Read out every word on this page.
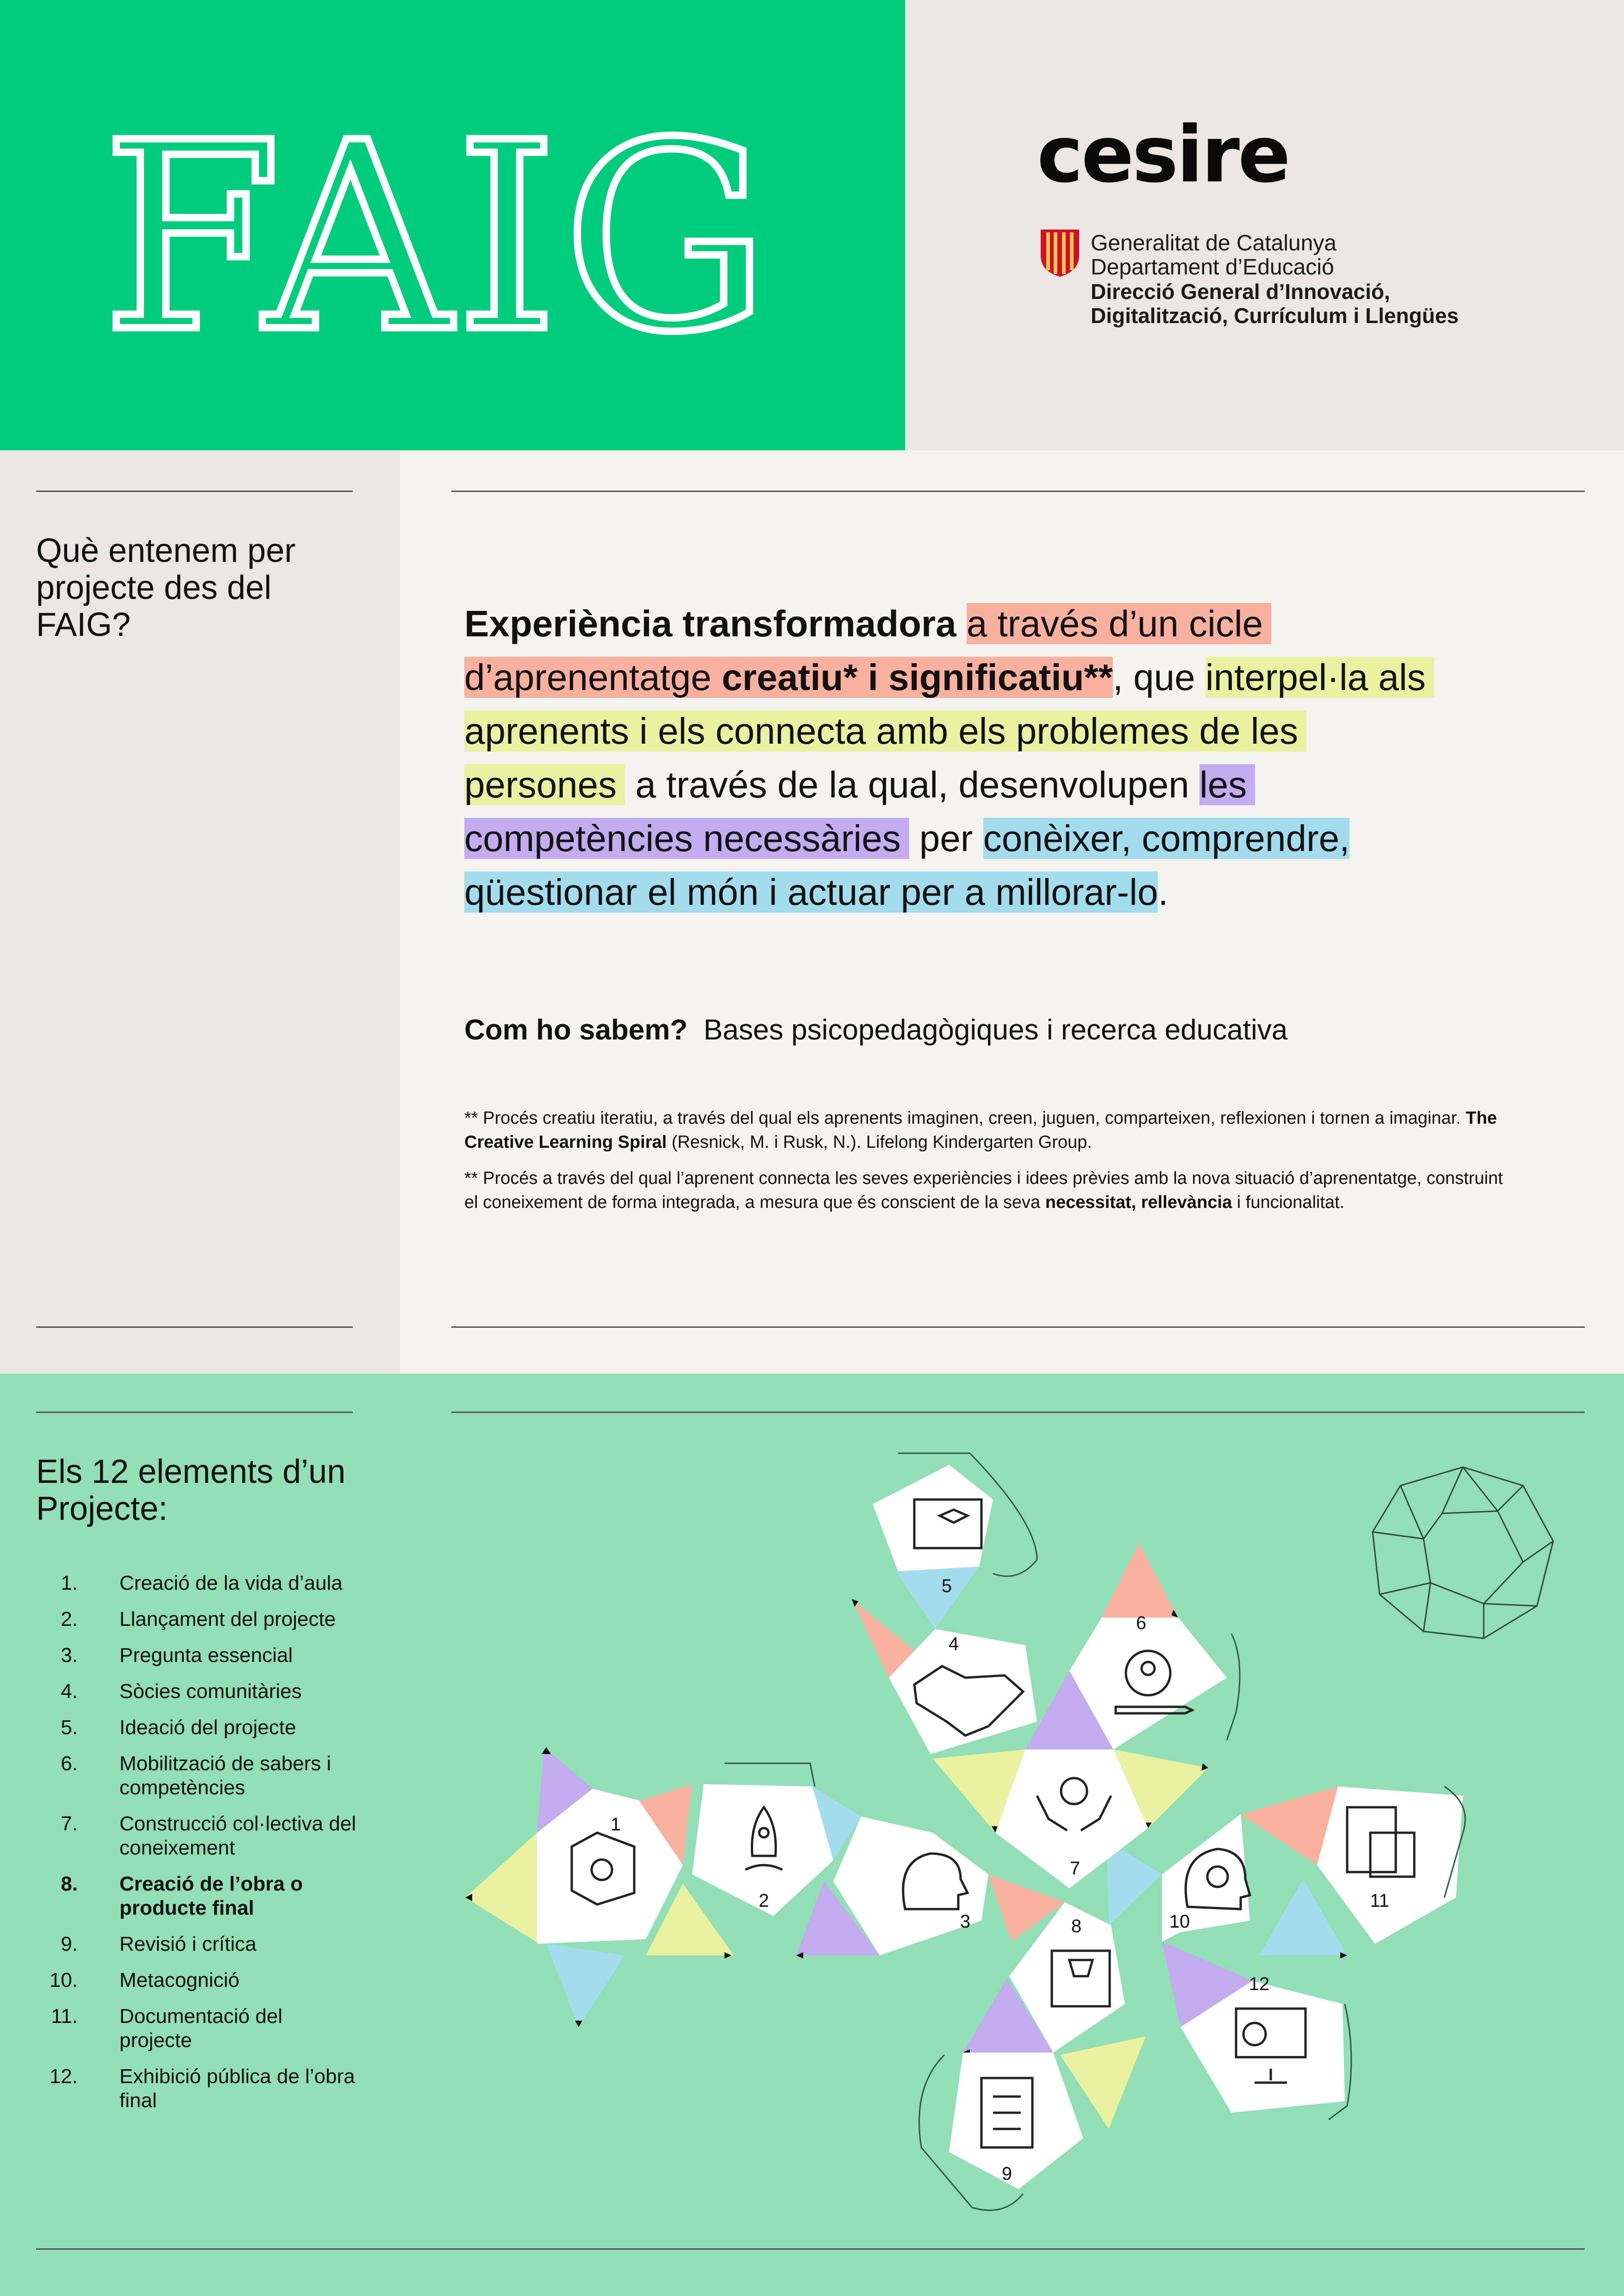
FAIG	cesire
Generalitat de Catalunya
Departament d’Educació
Direcció General d’Innovació,
Digitalització, Currículum i Llengües
Què entenem per projecte des del FAIG?	Experiència transformadora a través d’un cicle
d’aprenentatge creatiu* i significatiu**, que interpel·la als
aprenents i els connecta amb els problemes de les
persones a través de la qual, desenvolupen les
competències necessàries per conèixer, comprendre,
qüestionar el món i actuar per a millorar-lo.
Com ho sabem? Bases psicopedagògiques i recerca educativa
** Procés creatiu iteratiu, a través del qual els aprenents imaginen, creen, juguen, comparteixen, reflexionen i tornen a imaginar. The Creative Learning Spiral (Resnick, M. i Rusk, N.). Lifelong Kindergarten Group.
** Procés a través del qual l’aprenent connecta les seves experiències i idees prèvies amb la nova situació d’aprenentatge, construint el coneixement de forma integrada, a mesura que és conscient de la seva necessitat, rellevància i funcionalitat.
Els 12 elements d’un Projecte:
1. Creació de la vida d’aula
2. Llançament del projecte
3. Pregunta essencial
4. Sòcies comunitàries
5. Ideació del projecte
6. Mobilització de sabers i competències
7. Construcció col·lectiva del coneixement
8. Creació de l’obra o producte final
9. Revisió i crítica
10. Metacognició
11. Documentació del projecte
12. Exhibició pública de l’obra final
5
4
6
7
1
2
3	8	10
11
12
9
